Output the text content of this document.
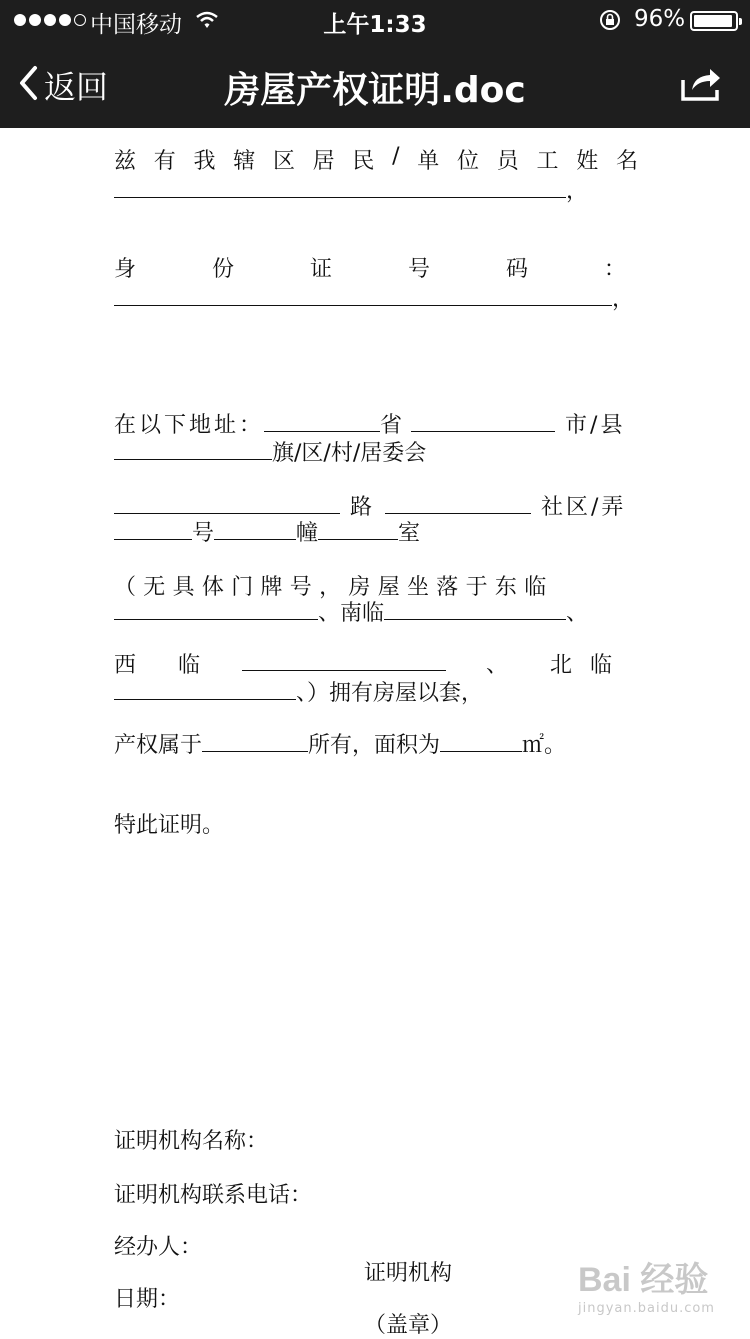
中国移动	上午1:33	96%
返回	房屋产权证明.doc
兹 有 我 辖 区 居 民 / 单 位 员 工 姓 名
，
身	份	证	号	码	：
，
在以下地址：	省	市/县
旗/区/村/居委会
路	社区/弄
号	幢	室
（无具体门牌号，房屋坐落于东临
、南临	、
西 临	、 北临
、）拥有房屋以套，
产权属于	所有，面积为	㎡。
特此证明。
证明机构名称：
证明机构联系电话：
经办人：
日期：
证明机构
（盖章）
Bai 经验
jingyan.baidu.com
